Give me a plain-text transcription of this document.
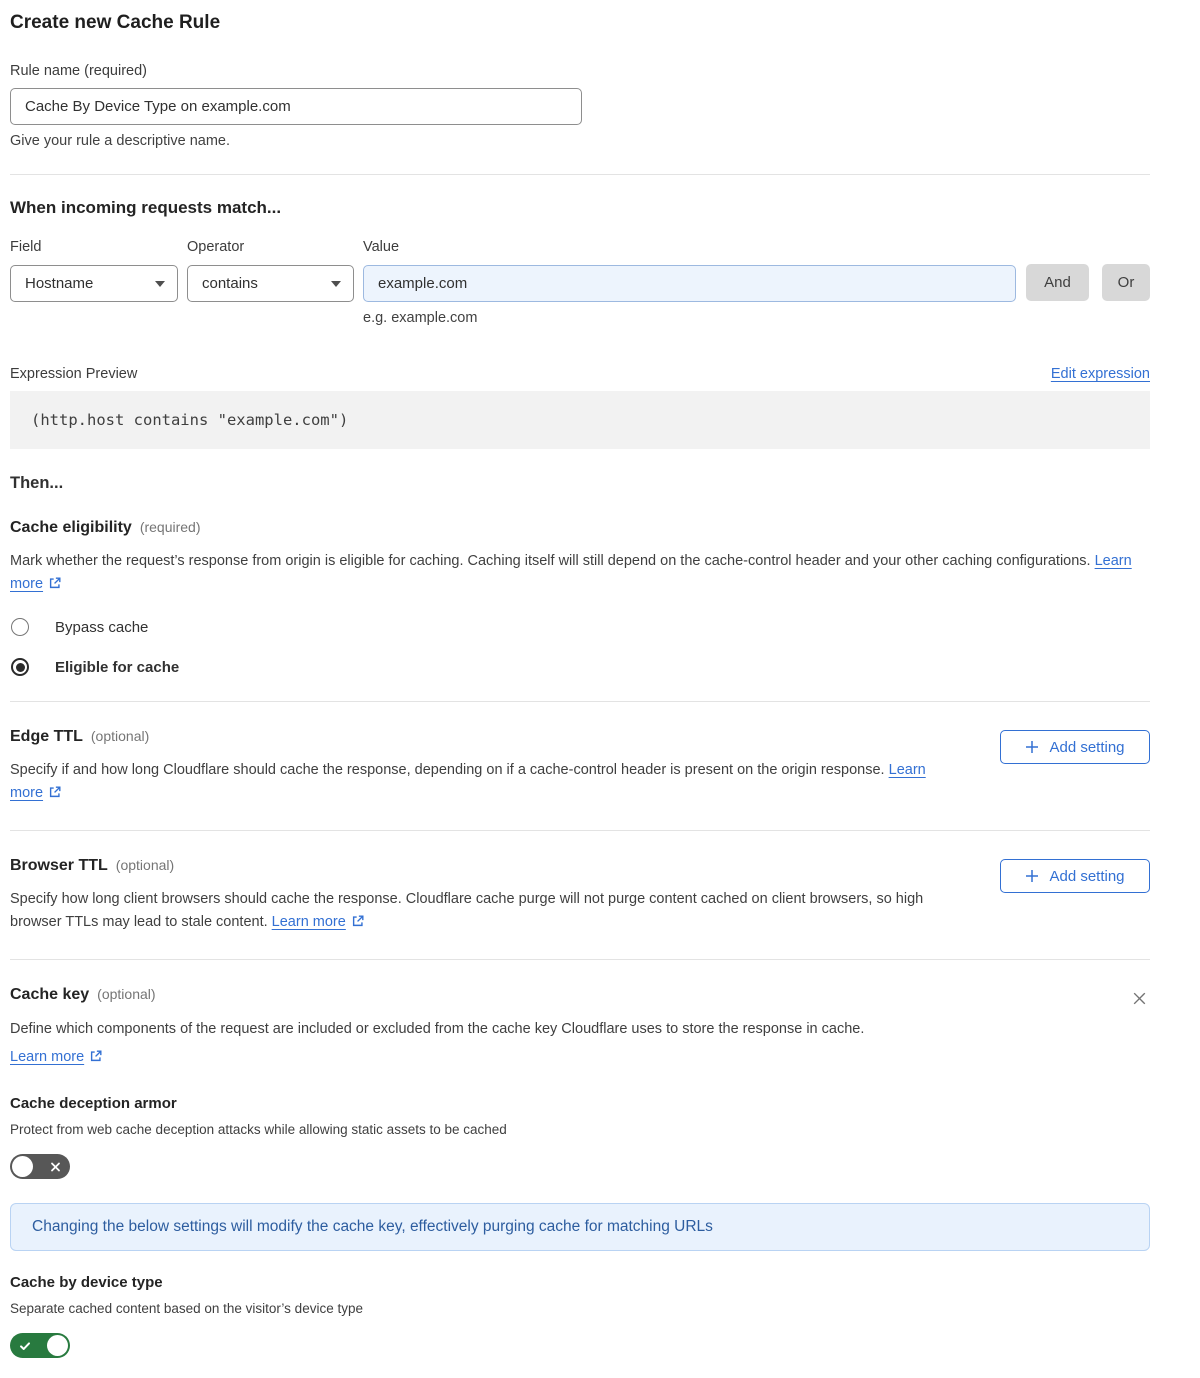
Create new Cache Rule
Rule name (required)
Cache By Device Type on example.com
Give your rule a descriptive name.
When incoming requests match...
Field
Hostname
Operator
contains
Value
example.com
e.g. example.com
And	Or
Expression Preview	Edit expression
(http.host contains "example.com")
Then...
Cache eligibility (required)

Mark whether the request’s response from origin is eligible for caching. Caching itself will still depend on the cache-control header and your other caching configurations. Learn more

Bypass cache
Eligible for cache
Edge TTL (optional)

Specify if and how long Cloudflare should cache the response, depending on if a cache-control header is present on the origin response. Learn more

Add setting
Browser TTL (optional)

Specify how long client browsers should cache the response. Cloudflare cache purge will not purge content cached on client browsers, so high browser TTLs may lead to stale content. Learn more

Add setting
Cache key (optional)

Define which components of the request are included or excluded from the cache key Cloudflare uses to store the response in cache.

Learn more
Cache deception armor
Protect from web cache deception attacks while allowing static assets to be cached
Changing the below settings will modify the cache key, effectively purging cache for matching URLs
Cache by device type
Separate cached content based on the visitor’s device type
